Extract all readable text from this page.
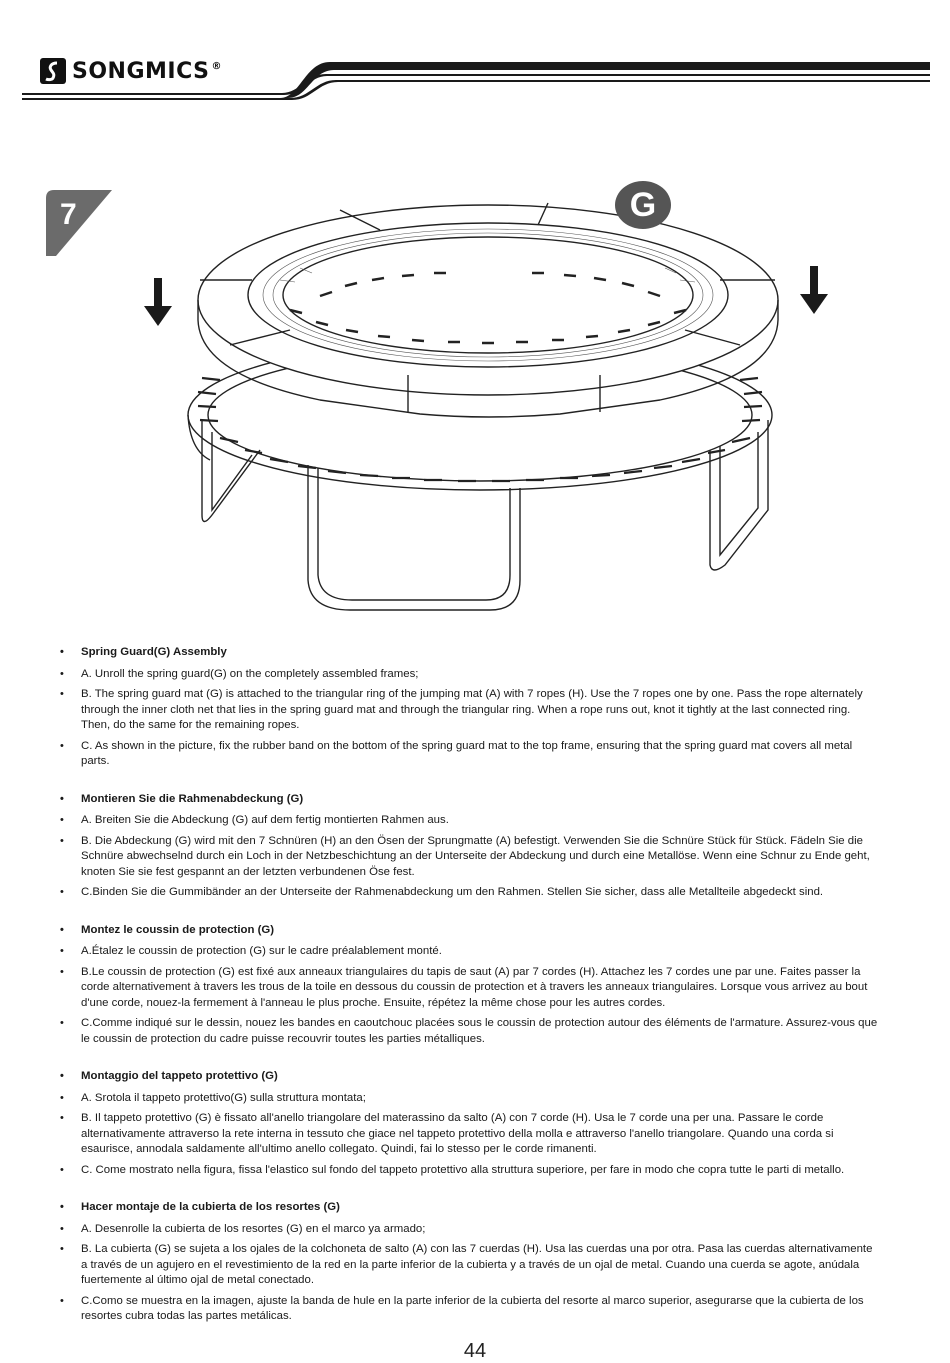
SONGMICS ®
7	G
• Spring Guard(G) Assembly
• A. Unroll the spring guard(G) on the completely assembled frames;
• B. The spring guard mat (G) is attached to the triangular ring of the jumping mat (A) with 7 ropes (H). Use the 7 ropes one by one. Pass the rope alternately through the inner cloth net that lies in the spring guard mat and through the triangular ring. When a rope runs out, knot it tightly at the last connected ring. Then, do the same for the remaining ropes.
• C. As shown in the picture, fix the rubber band on the bottom of the spring guard mat to the top frame, ensuring that the spring guard mat covers all metal parts.
• Montieren Sie die Rahmenabdeckung (G)
• A. Breiten Sie die Abdeckung (G) auf dem fertig montierten Rahmen aus.
• B. Die Abdeckung (G) wird mit den 7 Schnüren (H) an den Ösen der Sprungmatte (A) befestigt. Verwenden Sie die Schnüre Stück für Stück. Fädeln Sie die Schnüre abwechselnd durch ein Loch in der Netzbeschichtung an der Unterseite der Abdeckung und durch eine Metallöse. Wenn eine Schnur zu Ende geht, knoten Sie sie fest gespannt an der letzten verbundenen Öse fest.
• C.Binden Sie die Gummibänder an der Unterseite der Rahmenabdeckung um den Rahmen. Stellen Sie sicher, dass alle Metallteile abgedeckt sind.
• Montez le coussin de protection (G)
• A.Étalez le coussin de protection (G) sur le cadre préalablement monté.
• B.Le coussin de protection (G) est fixé aux anneaux triangulaires du tapis de saut (A) par 7 cordes (H). Attachez les 7 cordes une par une. Faites passer la corde alternativement à travers les trous de la toile en dessous du coussin de protection et à travers les anneaux triangulaires. Lorsque vous arrivez au bout d'une corde, nouez-la fermement à l'anneau le plus proche. Ensuite, répétez la même chose pour les autres cordes.
• C.Comme indiqué sur le dessin, nouez les bandes en caoutchouc placées sous le coussin de protection autour des éléments de l'armature. Assurez-vous que le coussin de protection du cadre puisse recouvrir toutes les parties métalliques.
• Montaggio del tappeto protettivo (G)
• A. Srotola il tappeto protettivo(G) sulla struttura montata;
• B. Il tappeto protettivo (G) è fissato all'anello triangolare del materassino da salto (A) con 7 corde (H). Usa le 7 corde una per una. Passare le corde alternativamente attraverso la rete interna in tessuto che giace nel tappeto protettivo della molla e attraverso l'anello triangolare. Quando una corda si esaurisce, annodala saldamente all'ultimo anello collegato. Quindi, fai lo stesso per le corde rimanenti.
• C. Come mostrato nella figura, fissa l'elastico sul fondo del tappeto protettivo alla struttura superiore, per fare in modo che copra tutte le parti di metallo.
• Hacer montaje de la cubierta de los resortes (G)
• A. Desenrolle la cubierta de los resortes (G) en el marco ya armado;
• B. La cubierta (G) se sujeta a los ojales de la colchoneta de salto (A) con las 7 cuerdas (H). Usa las cuerdas una por otra. Pasa las cuerdas alternativamente a través de un agujero en el revestimiento de la red en la parte inferior de la cubierta y a través de un ojal de metal. Cuando una cuerda se agote, anúdala fuertemente al último ojal de metal conectado.
• C.Como se muestra en la imagen, ajuste la banda de hule en la parte inferior de la cubierta del resorte al marco superior, asegurarse que la cubierta de los resortes cubra todas las partes metálicas.
44
